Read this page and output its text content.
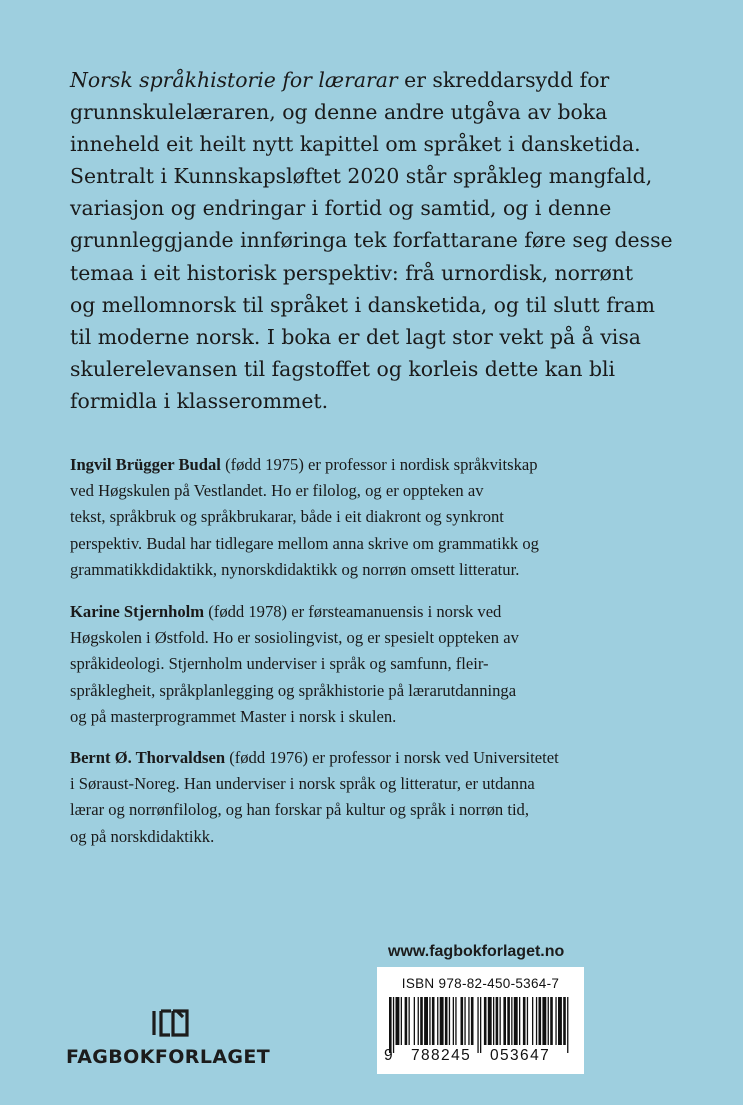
Norsk språkhistorie for lærarar er skreddarsydd for
grunnskulelæraren, og denne andre utgåva av boka
inneheld eit heilt nytt kapittel om språket i dansketida.
Sentralt i Kunnskapsløftet 2020 står språkleg mangfald,
variasjon og endringar i fortid og samtid, og i denne
grunnleggjande innføringa tek forfattarane føre seg desse
temaa i eit historisk perspektiv: frå urnordisk, norrønt
og mellomnorsk til språket i dansketida, og til slutt fram
til moderne norsk. I boka er det lagt stor vekt på å visa
skulerelevansen til fagstoffet og korleis dette kan bli
formidla i klasserommet.
Ingvil Brügger Budal (fødd 1975) er professor i nordisk språkvitskap
ved Høgskulen på Vestlandet. Ho er filolog, og er oppteken av
tekst, språkbruk og språkbrukarar, både i eit diakront og synkront
perspektiv. Budal har tidlegare mellom anna skrive om grammatikk og
grammatikkdidaktikk, nynorskdidaktikk og norrøn omsett litteratur.
Karine Stjernholm (fødd 1978) er førsteamanuensis i norsk ved
Høgskolen i Østfold. Ho er sosiolingvist, og er spesielt oppteken av
språkideologi. Stjernholm underviser i språk og samfunn, fleir-
språklegheit, språkplanlegging og språkhistorie på lærarutdanninga
og på masterprogrammet Master i norsk i skulen.
Bernt Ø. Thorvaldsen (fødd 1976) er professor i norsk ved Universitetet
i Søraust-Noreg. Han underviser i norsk språk og litteratur, er utdanna
lærar og norrønfilolog, og han forskar på kultur og språk i norrøn tid,
og på norskdidaktikk.
www.fagbokforlaget.no
ISBN 978-82-450-5364-7
9 788245 053647
FAGBOKFORLAGET
